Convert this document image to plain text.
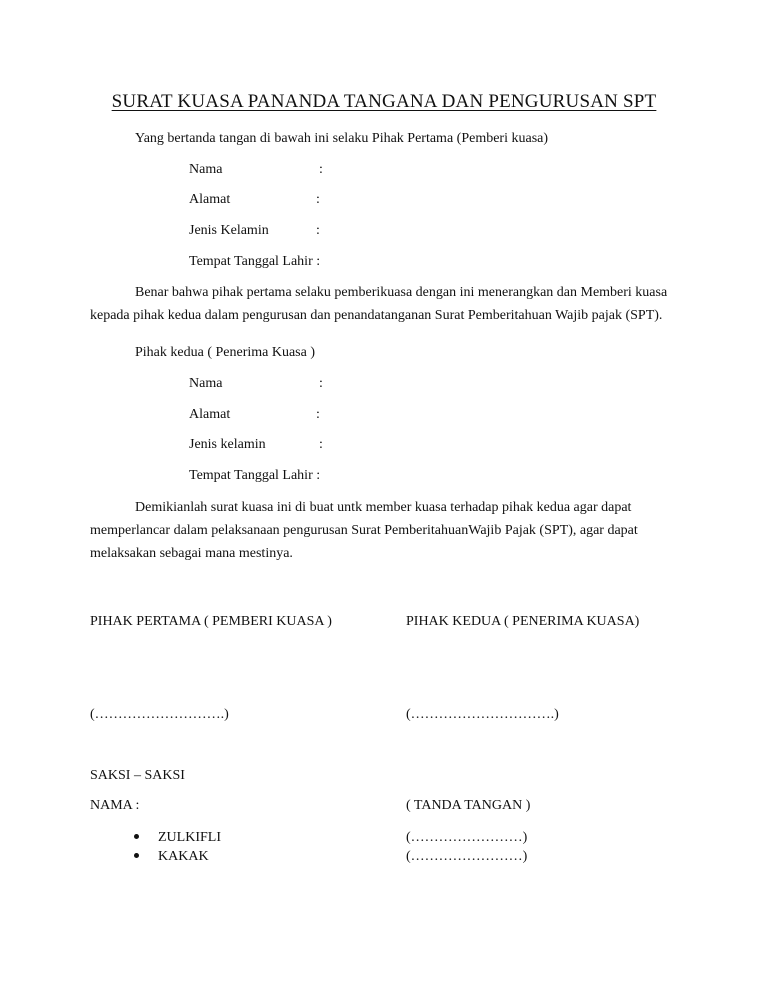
SURAT KUASA PANANDA TANGANA DAN PENGURUSAN SPT
Yang bertanda tangan di bawah ini selaku Pihak Pertama (Pemberi kuasa)
Nama	:
Alamat	:
Jenis Kelamin	:
Tempat Tanggal Lahir :
Benar bahwa pihak pertama selaku pemberikuasa dengan ini menerangkan dan Memberi kuasa
kepada pihak kedua dalam pengurusan dan penandatanganan Surat Pemberitahuan Wajib pajak (SPT).
Pihak kedua ( Penerima Kuasa )
Nama	:
Alamat	:
Jenis kelamin	:
Tempat Tanggal Lahir :
Demikianlah surat kuasa ini di buat untk member kuasa terhadap pihak kedua agar dapat
memperlancar dalam pelaksanaan pengurusan Surat PemberitahuanWajib Pajak (SPT), agar dapat
melaksakan sebagai mana mestinya.
PIHAK PERTAMA ( PEMBERI KUASA )	PIHAK KEDUA ( PENERIMA KUASA)
(……………………….)	(………………………….)
SAKSI – SAKSI
NAMA :	( TANDA TANGAN )
ZULKIFLI	(……………………)
KAKAK	(……………………)
